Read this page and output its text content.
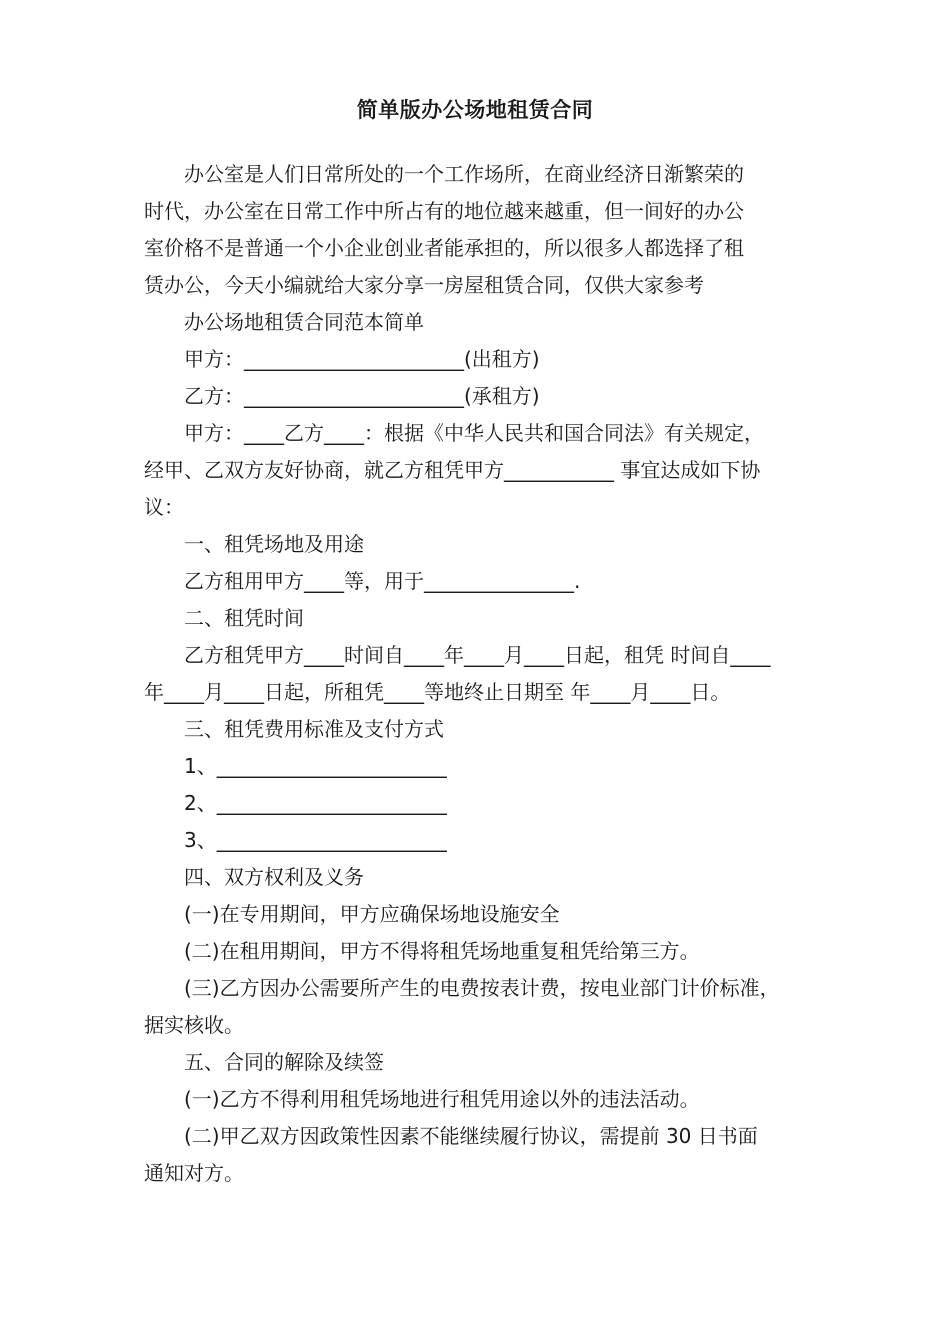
简单版办公场地租赁合同

办公室是人们日常所处的一个工作场所，在商业经济日渐繁荣的

时代，办公室在日常工作中所占有的地位越来越重，但一间好的办公

室价格不是普通一个小企业创业者能承担的，所以很多人都选择了租

赁办公，今天小编就给大家分享一房屋租赁合同，仅供大家参考

办公场地租赁合同范本简单

甲方：______________________(出租方)

乙方：______________________(承租方)

甲方：____乙方____：根据《中华人民共和国合同法》有关规定，

经甲、乙双方友好协商，就乙方租凭甲方___________ 事宜达成如下协

议：

一、租凭场地及用途

乙方租用甲方____等，用于_______________.

二、租凭时间

乙方租凭甲方____时间自____年____月____日起，租凭 时间自____

年____月____日起，所租凭____等地终止日期至 年____月____日。

三、租凭费用标准及支付方式

1、_______________________

2、_______________________

3、_______________________

四、双方权利及义务

(一)在专用期间，甲方应确保场地设施安全

(二)在租用期间，甲方不得将租凭场地重复租凭给第三方。

(三)乙方因办公需要所产生的电费按表计费，按电业部门计价标准，

据实核收。

五、合同的解除及续签

(一)乙方不得利用租凭场地进行租凭用途以外的违法活动。

(二)甲乙双方因政策性因素不能继续履行协议，需提前 30 日书面

通知对方。
